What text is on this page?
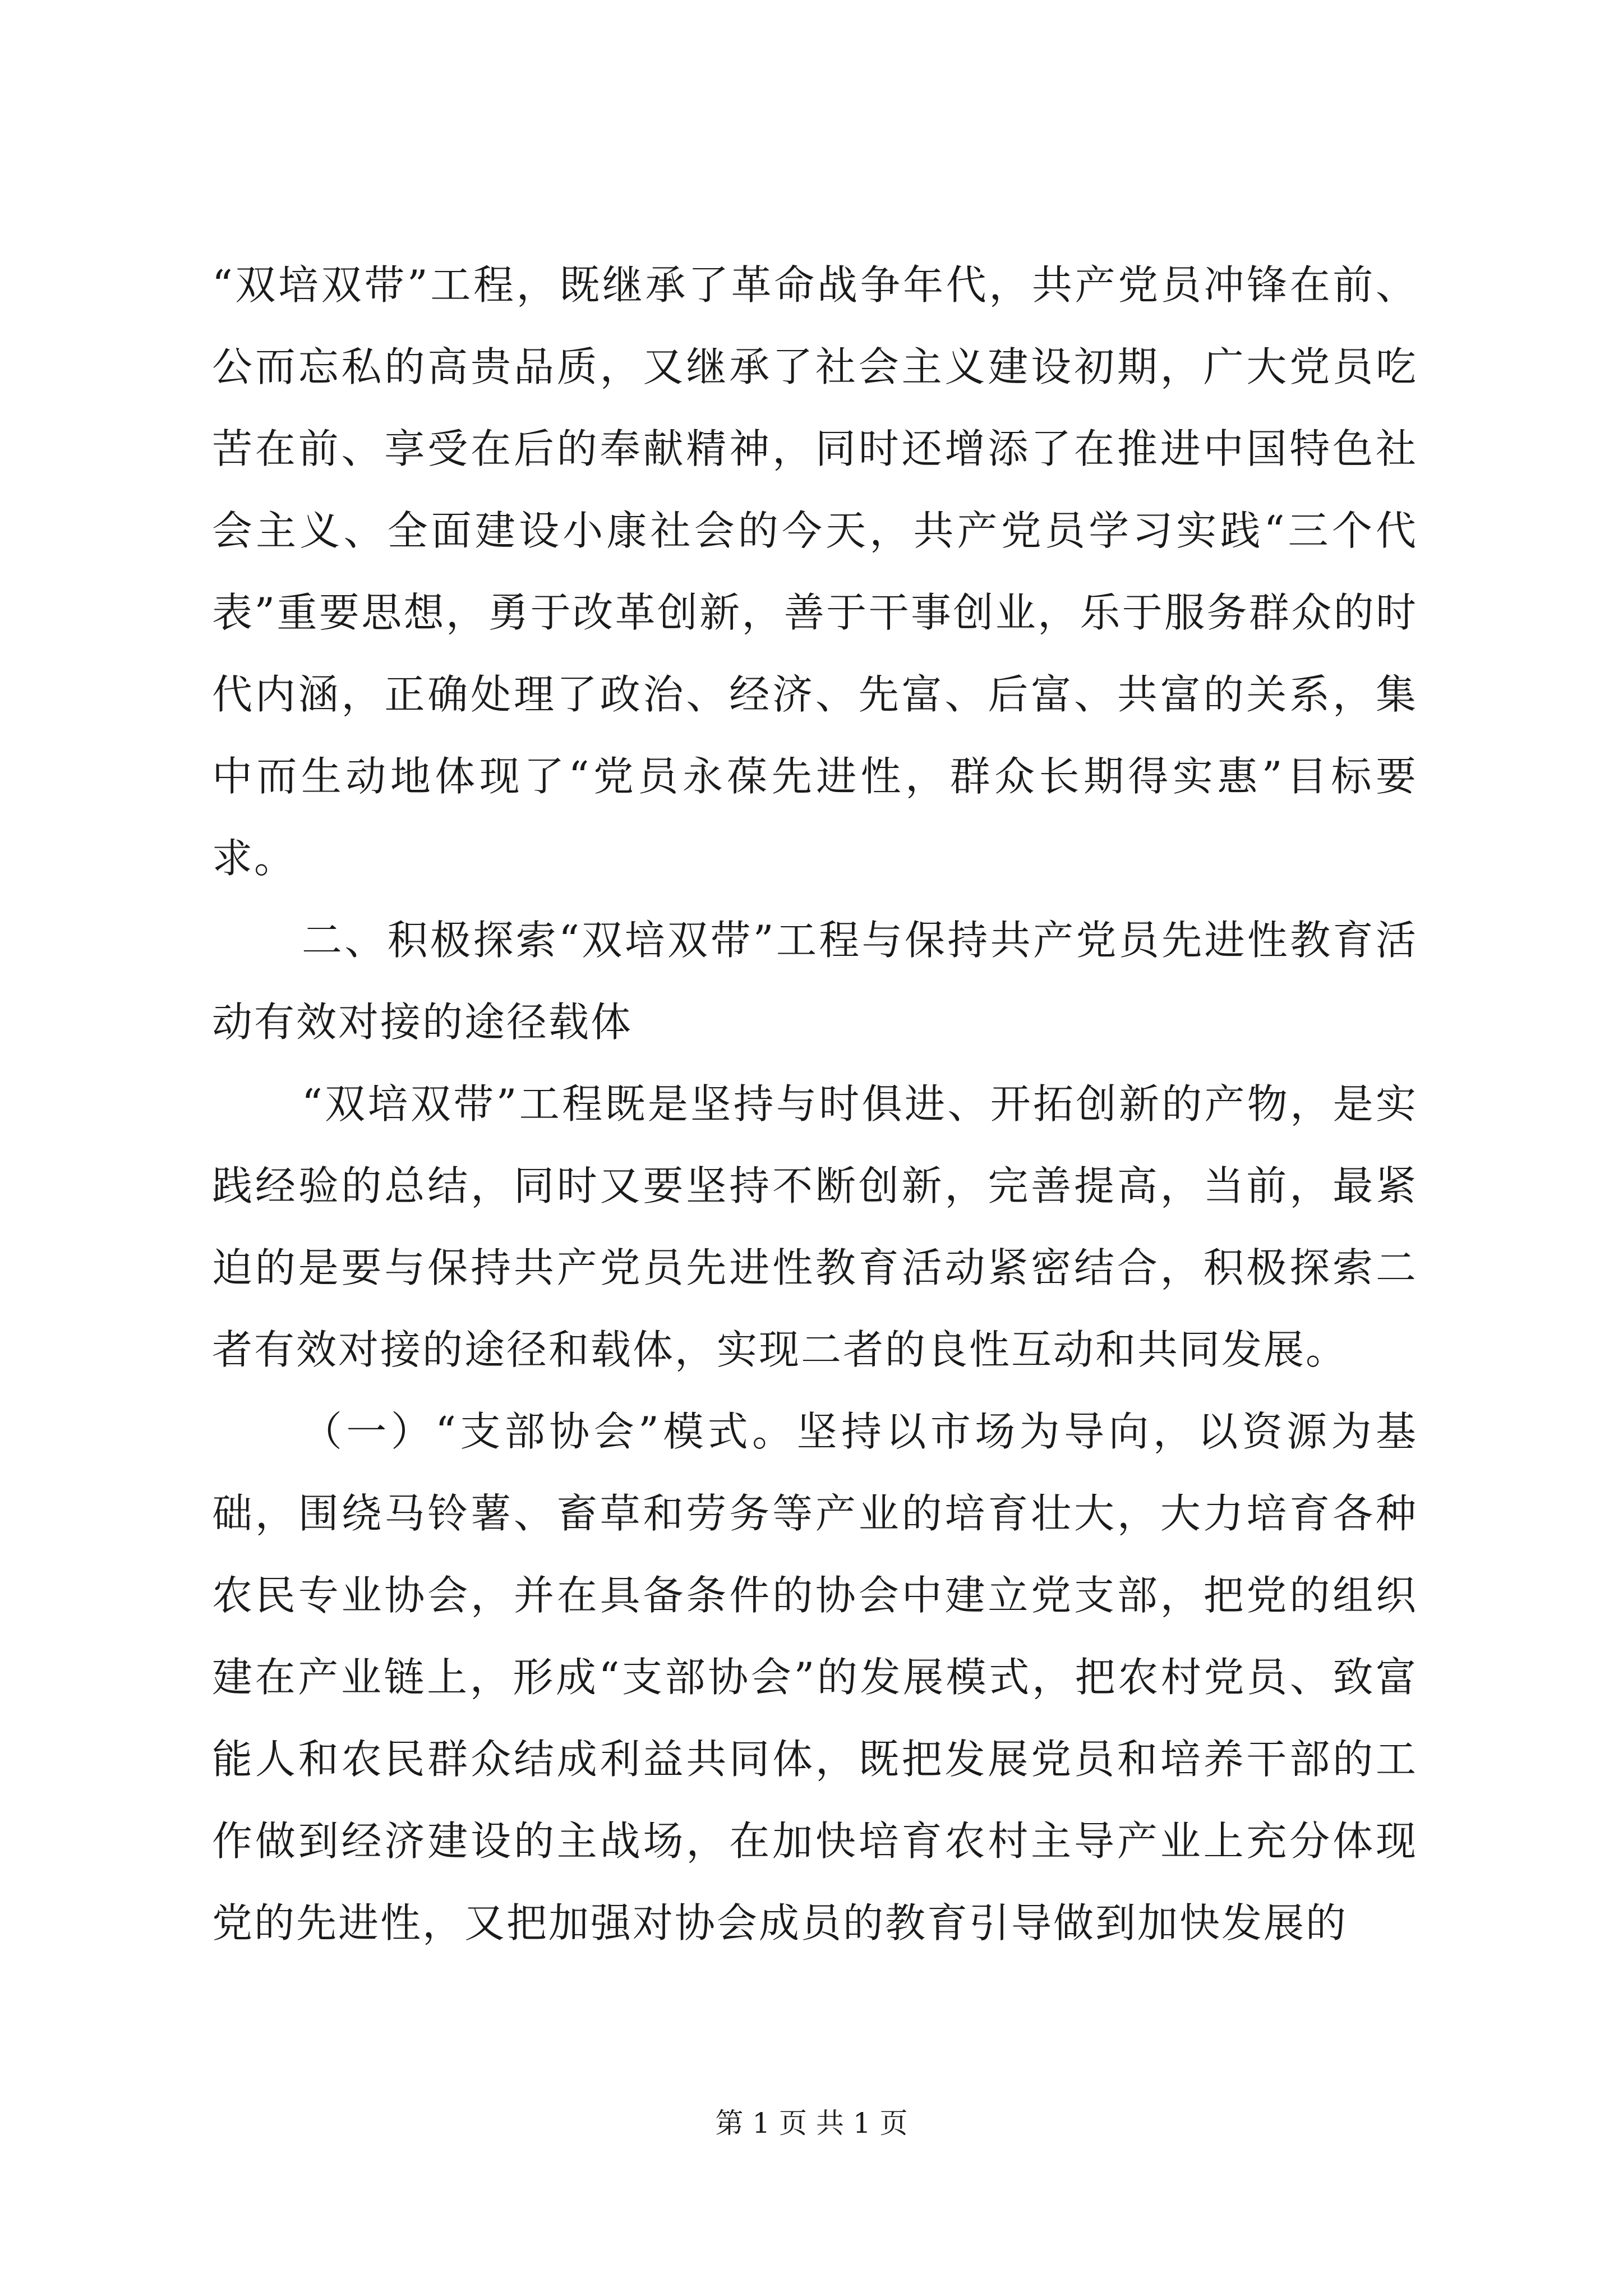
“双培双带”工程，既继承了革命战争年代，共产党员冲锋在前、公而忘私的高贵品质，又继承了社会主义建设初期，广大党员吃苦在前、享受在后的奉献精神，同时还增添了在推进中国特色社会主义、全面建设小康社会的今天，共产党员学习实践“三个代表”重要思想，勇于改革创新，善于干事创业，乐于服务群众的时代内涵，正确处理了政治、经济、先富、后富、共富的关系，集中而生动地体现了“党员永葆先进性，群众长期得实惠”目标要求。

二、积极探索“双培双带”工程与保持共产党员先进性教育活动有效对接的途径载体

“双培双带”工程既是坚持与时俱进、开拓创新的产物，是实践经验的总结，同时又要坚持不断创新，完善提高，当前，最紧迫的是要与保持共产党员先进性教育活动紧密结合，积极探索二者有效对接的途径和载体，实现二者的良性互动和共同发展。

（一）“支部协会”模式。坚持以市场为导向，以资源为基础，围绕马铃薯、畜草和劳务等产业的培育壮大，大力培育各种农民专业协会，并在具备条件的协会中建立党支部，把党的组织建在产业链上，形成“支部协会”的发展模式，把农村党员、致富能人和农民群众结成利益共同体，既把发展党员和培养干部的工作做到经济建设的主战场，在加快培育农村主导产业上充分体现党的先进性，又把加强对协会成员的教育引导做到加快发展的

第 1 页 共 1 页
